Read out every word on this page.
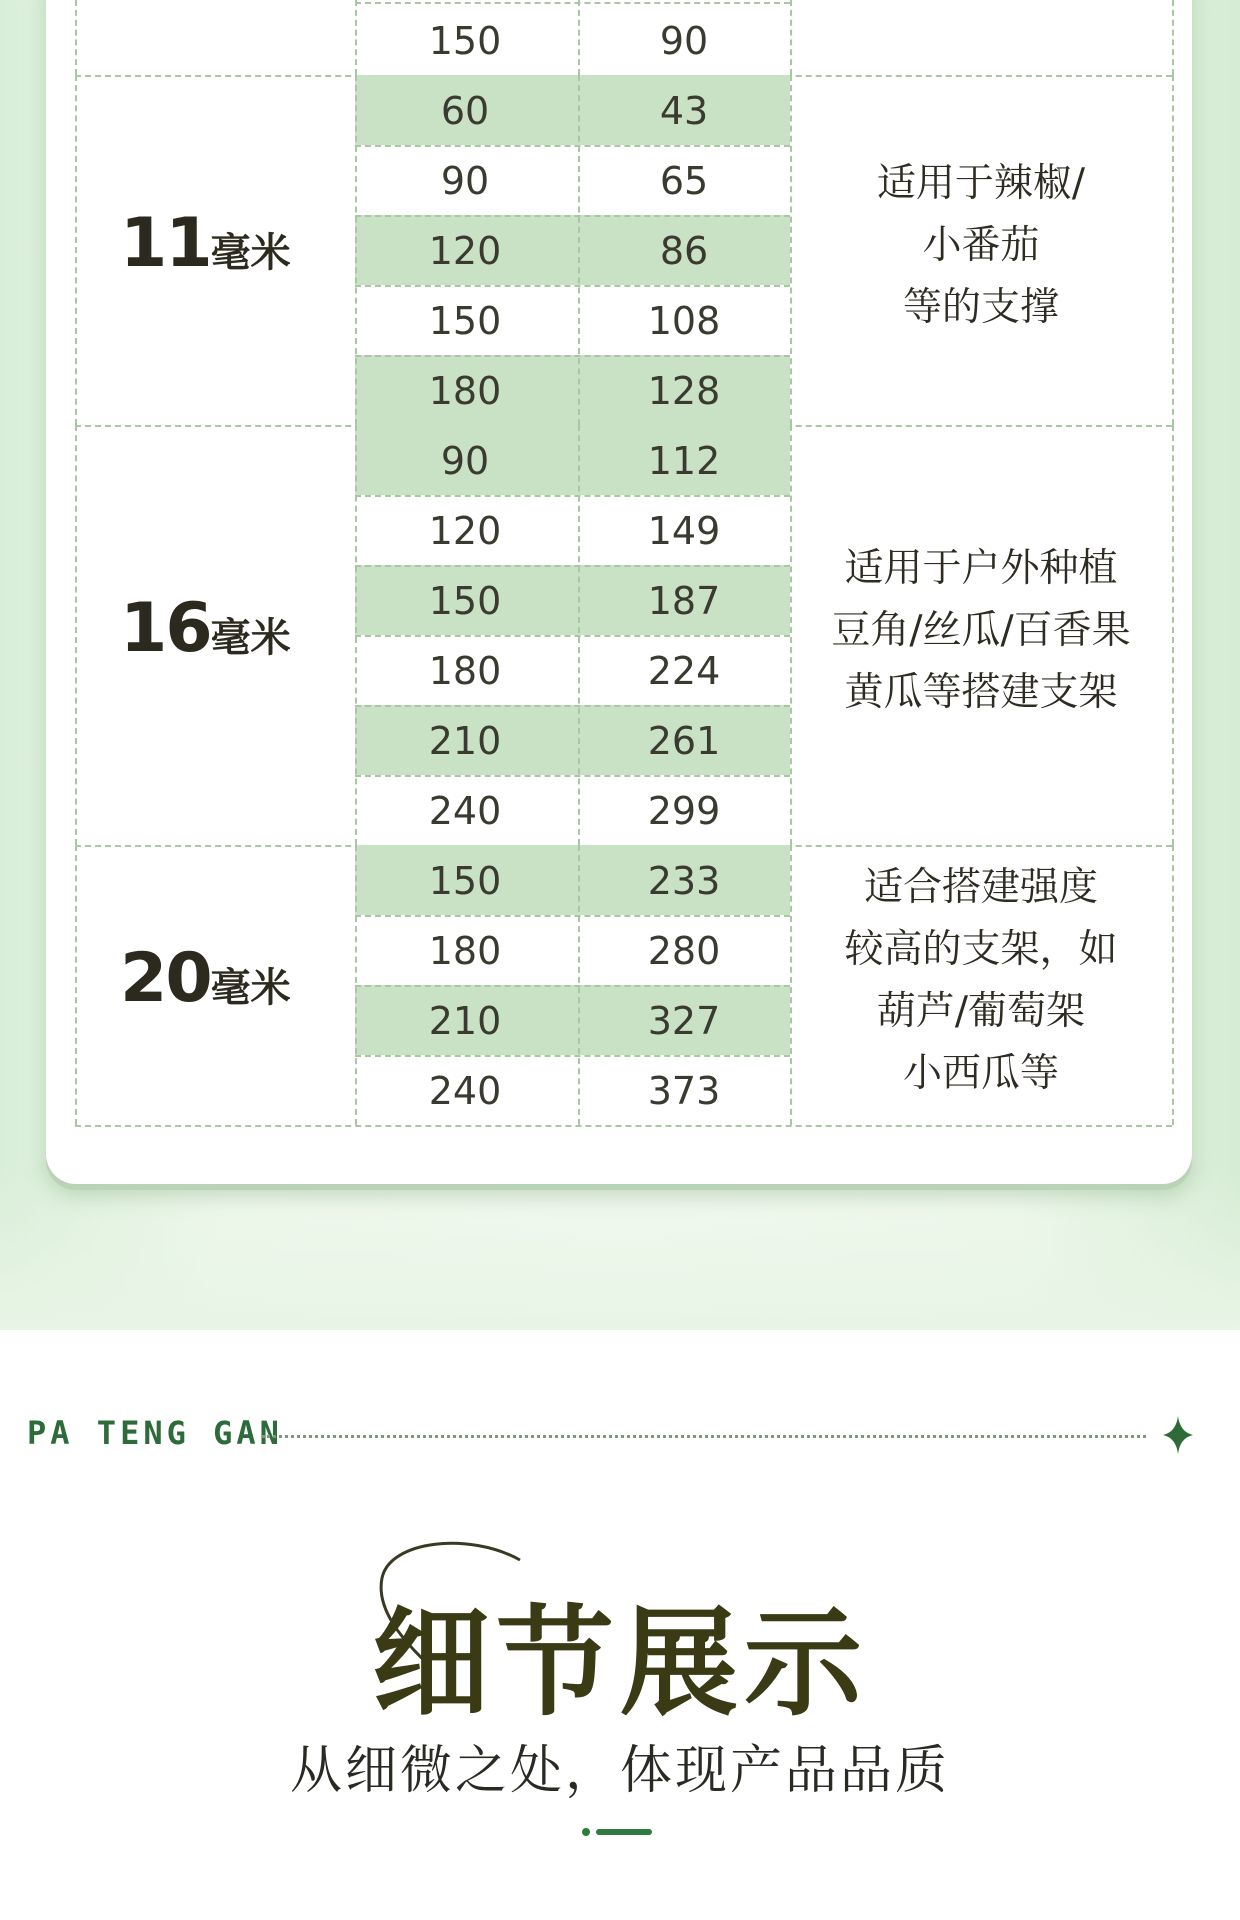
PA TENG GAN
细节展示
从细微之处，体现产品品质
150	90
60	43
90	65
120	86
150	108
180	128
11毫米
适用于辣椒/
小番茄
等的支撑
90	112
120	149
150	187
180	224
210	261
240	299
16毫米
适用于户外种植
豆角/丝瓜/百香果
黄瓜等搭建支架
150	233
180	280
210	327
240	373
20毫米
适合搭建强度
较高的支架，如
葫芦/葡萄架
小西瓜等
